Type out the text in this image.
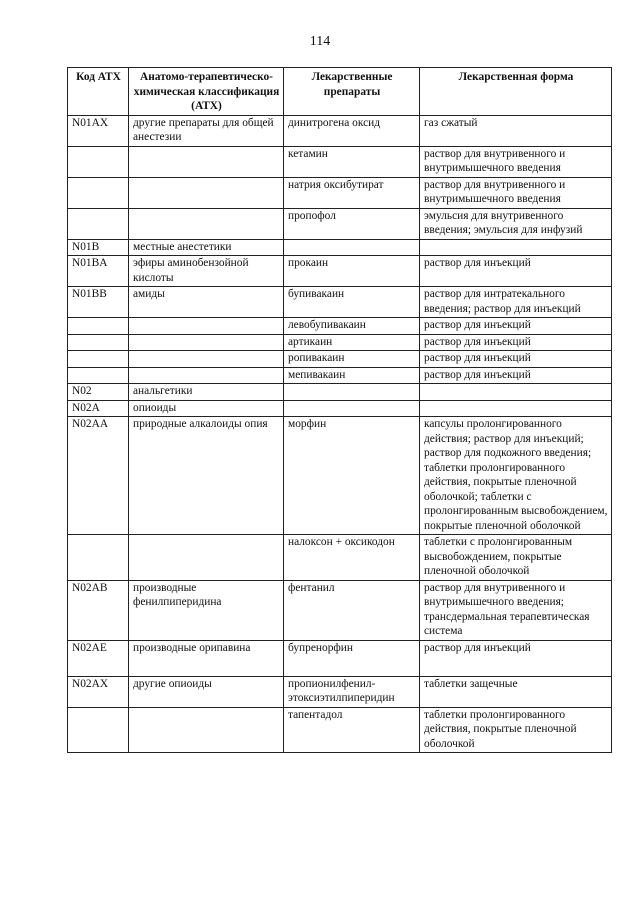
114
Код АТХ	Анатомо-терапевтическо-химическая классификация (АТХ)	Лекарственные препараты	Лекарственная форма
N01AX	другие препараты для общей анестезии	динитрогена оксид	газ сжатый
		кетамин	раствор для внутривенного и внутримышечного введения
		натрия оксибутират	раствор для внутривенного и внутримышечного введения
		пропофол	эмульсия для внутривенного введения; эмульсия для инфузий
N01B	местные анестетики		
N01BA	эфиры аминобензойной кислоты	прокаин	раствор для инъекций
N01BB	амиды	бупивакаин	раствор для интратекального введения; раствор для инъекций
		левобупивакаин	раствор для инъекций
		артикаин	раствор для инъекций
		ропивакаин	раствор для инъекций
		мепивакаин	раствор для инъекций
N02	анальгетики		
N02A	опиоиды		
N02AA	природные алкалоиды опия	морфин	капсулы пролонгированного действия; раствор для инъекций; раствор для подкожного введения; таблетки пролонгированного действия, покрытые пленочной оболочкой; таблетки с пролонгированным высвобождением, покрытые пленочной оболочкой
		налоксон + оксикодон	таблетки с пролонгированным высвобождением, покрытые пленочной оболочкой
N02AB	производные фенилпиперидина	фентанил	раствор для внутривенного и внутримышечного введения; трансдермальная терапевтическая система
N02AE	производные орипавина	бупренорфин	раствор для инъекций
N02AX	другие опиоиды	пропионилфенил-этоксиэтилпиперидин	таблетки защечные
		тапентадол	таблетки пролонгированного действия, покрытые пленочной оболочкой
